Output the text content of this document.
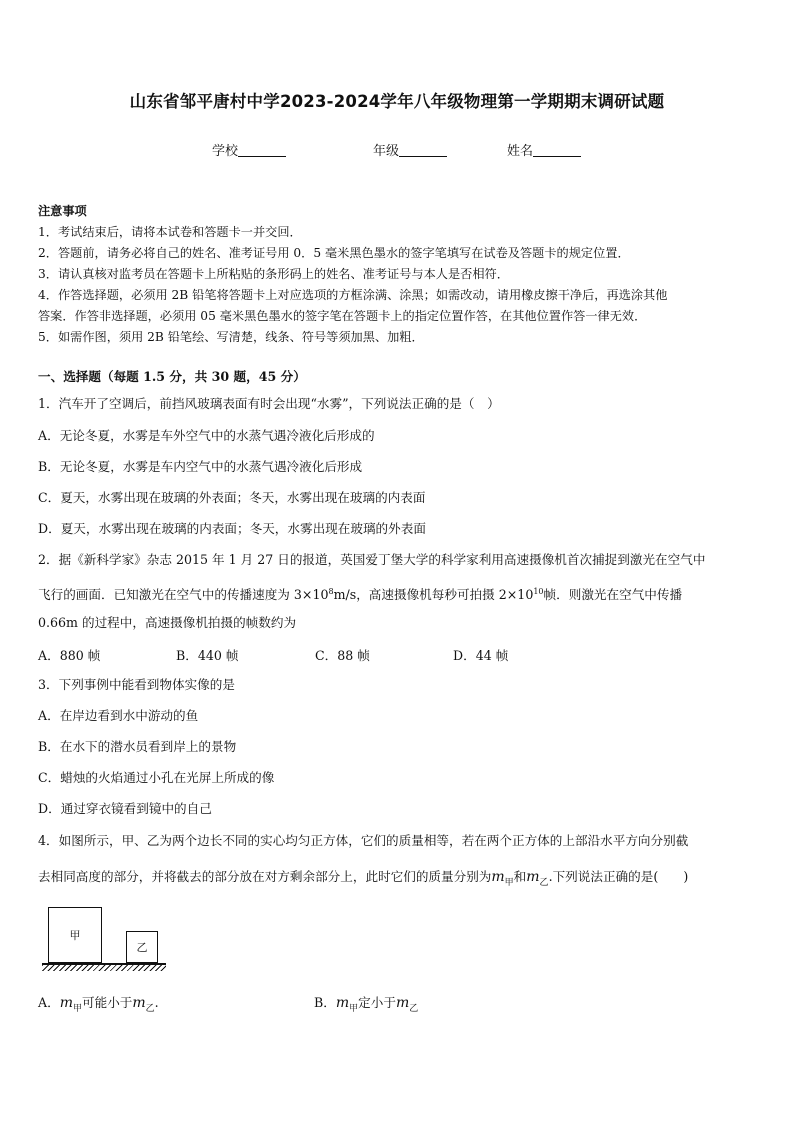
山东省邹平唐村中学2023-2024学年八年级物理第一学期期末调研试题
学校	年级	姓名
注意事项
1．考试结束后，请将本试卷和答题卡一并交回．
2．答题前，请务必将自己的姓名、准考证号用 0．5 毫米黑色墨水的签字笔填写在试卷及答题卡的规定位置．
3．请认真核对监考员在答题卡上所粘贴的条形码上的姓名、准考证号与本人是否相符．
4．作答选择题，必须用 2B 铅笔将答题卡上对应选项的方框涂满、涂黑；如需改动，请用橡皮擦干净后，再选涂其他
答案．作答非选择题，必须用 05 毫米黑色墨水的签字笔在答题卡上的指定位置作答，在其他位置作答一律无效．
5．如需作图，须用 2B 铅笔绘、写清楚，线条、符号等须加黑、加粗．
一、选择题（每题 1.5 分，共 30 题，45 分）
1．汽车开了空调后，前挡风玻璃表面有时会出现“水雾”，下列说法正确的是（　）
A．无论冬夏，水雾是车外空气中的水蒸气遇冷液化后形成的
B．无论冬夏，水雾是车内空气中的水蒸气遇冷液化后形成
C．夏天，水雾出现在玻璃的外表面；冬天，水雾出现在玻璃的内表面
D．夏天，水雾出现在玻璃的内表面；冬天，水雾出现在玻璃的外表面
2．据《新科学家》杂志 2015 年 1 月 27 日的报道，英国爱丁堡大学的科学家利用高速摄像机首次捕捉到激光在空气中
飞行的画面．已知激光在空气中的传播速度为 $3\times 10^8m/s$，高速摄像机每秒可拍摄 $2\times 10^{10}$帧．则激光在空气中传播
0.66m 的过程中，高速摄像机拍摄的帧数约为
A．880 帧	B．440 帧	C．88 帧	D．44 帧
3．下列事例中能看到物体实像的是
A．在岸边看到水中游动的鱼
B．在水下的潜水员看到岸上的景物
C．蜡烛的火焰通过小孔在光屏上所成的像
D．通过穿衣镜看到镜中的自己
4．如图所示，甲、乙为两个边长不同的实心均匀正方体，它们的质量相等，若在两个正方体的上部沿水平方向分别截
去相同高度的部分，并将截去的部分放在对方剩余部分上，此时它们的质量分别为$m_甲$和$m_乙$.下列说法正确的是(　　)
甲
乙
A．$m_甲$可能小于$m_乙$.	B．$m_甲$定小于$m_乙$
